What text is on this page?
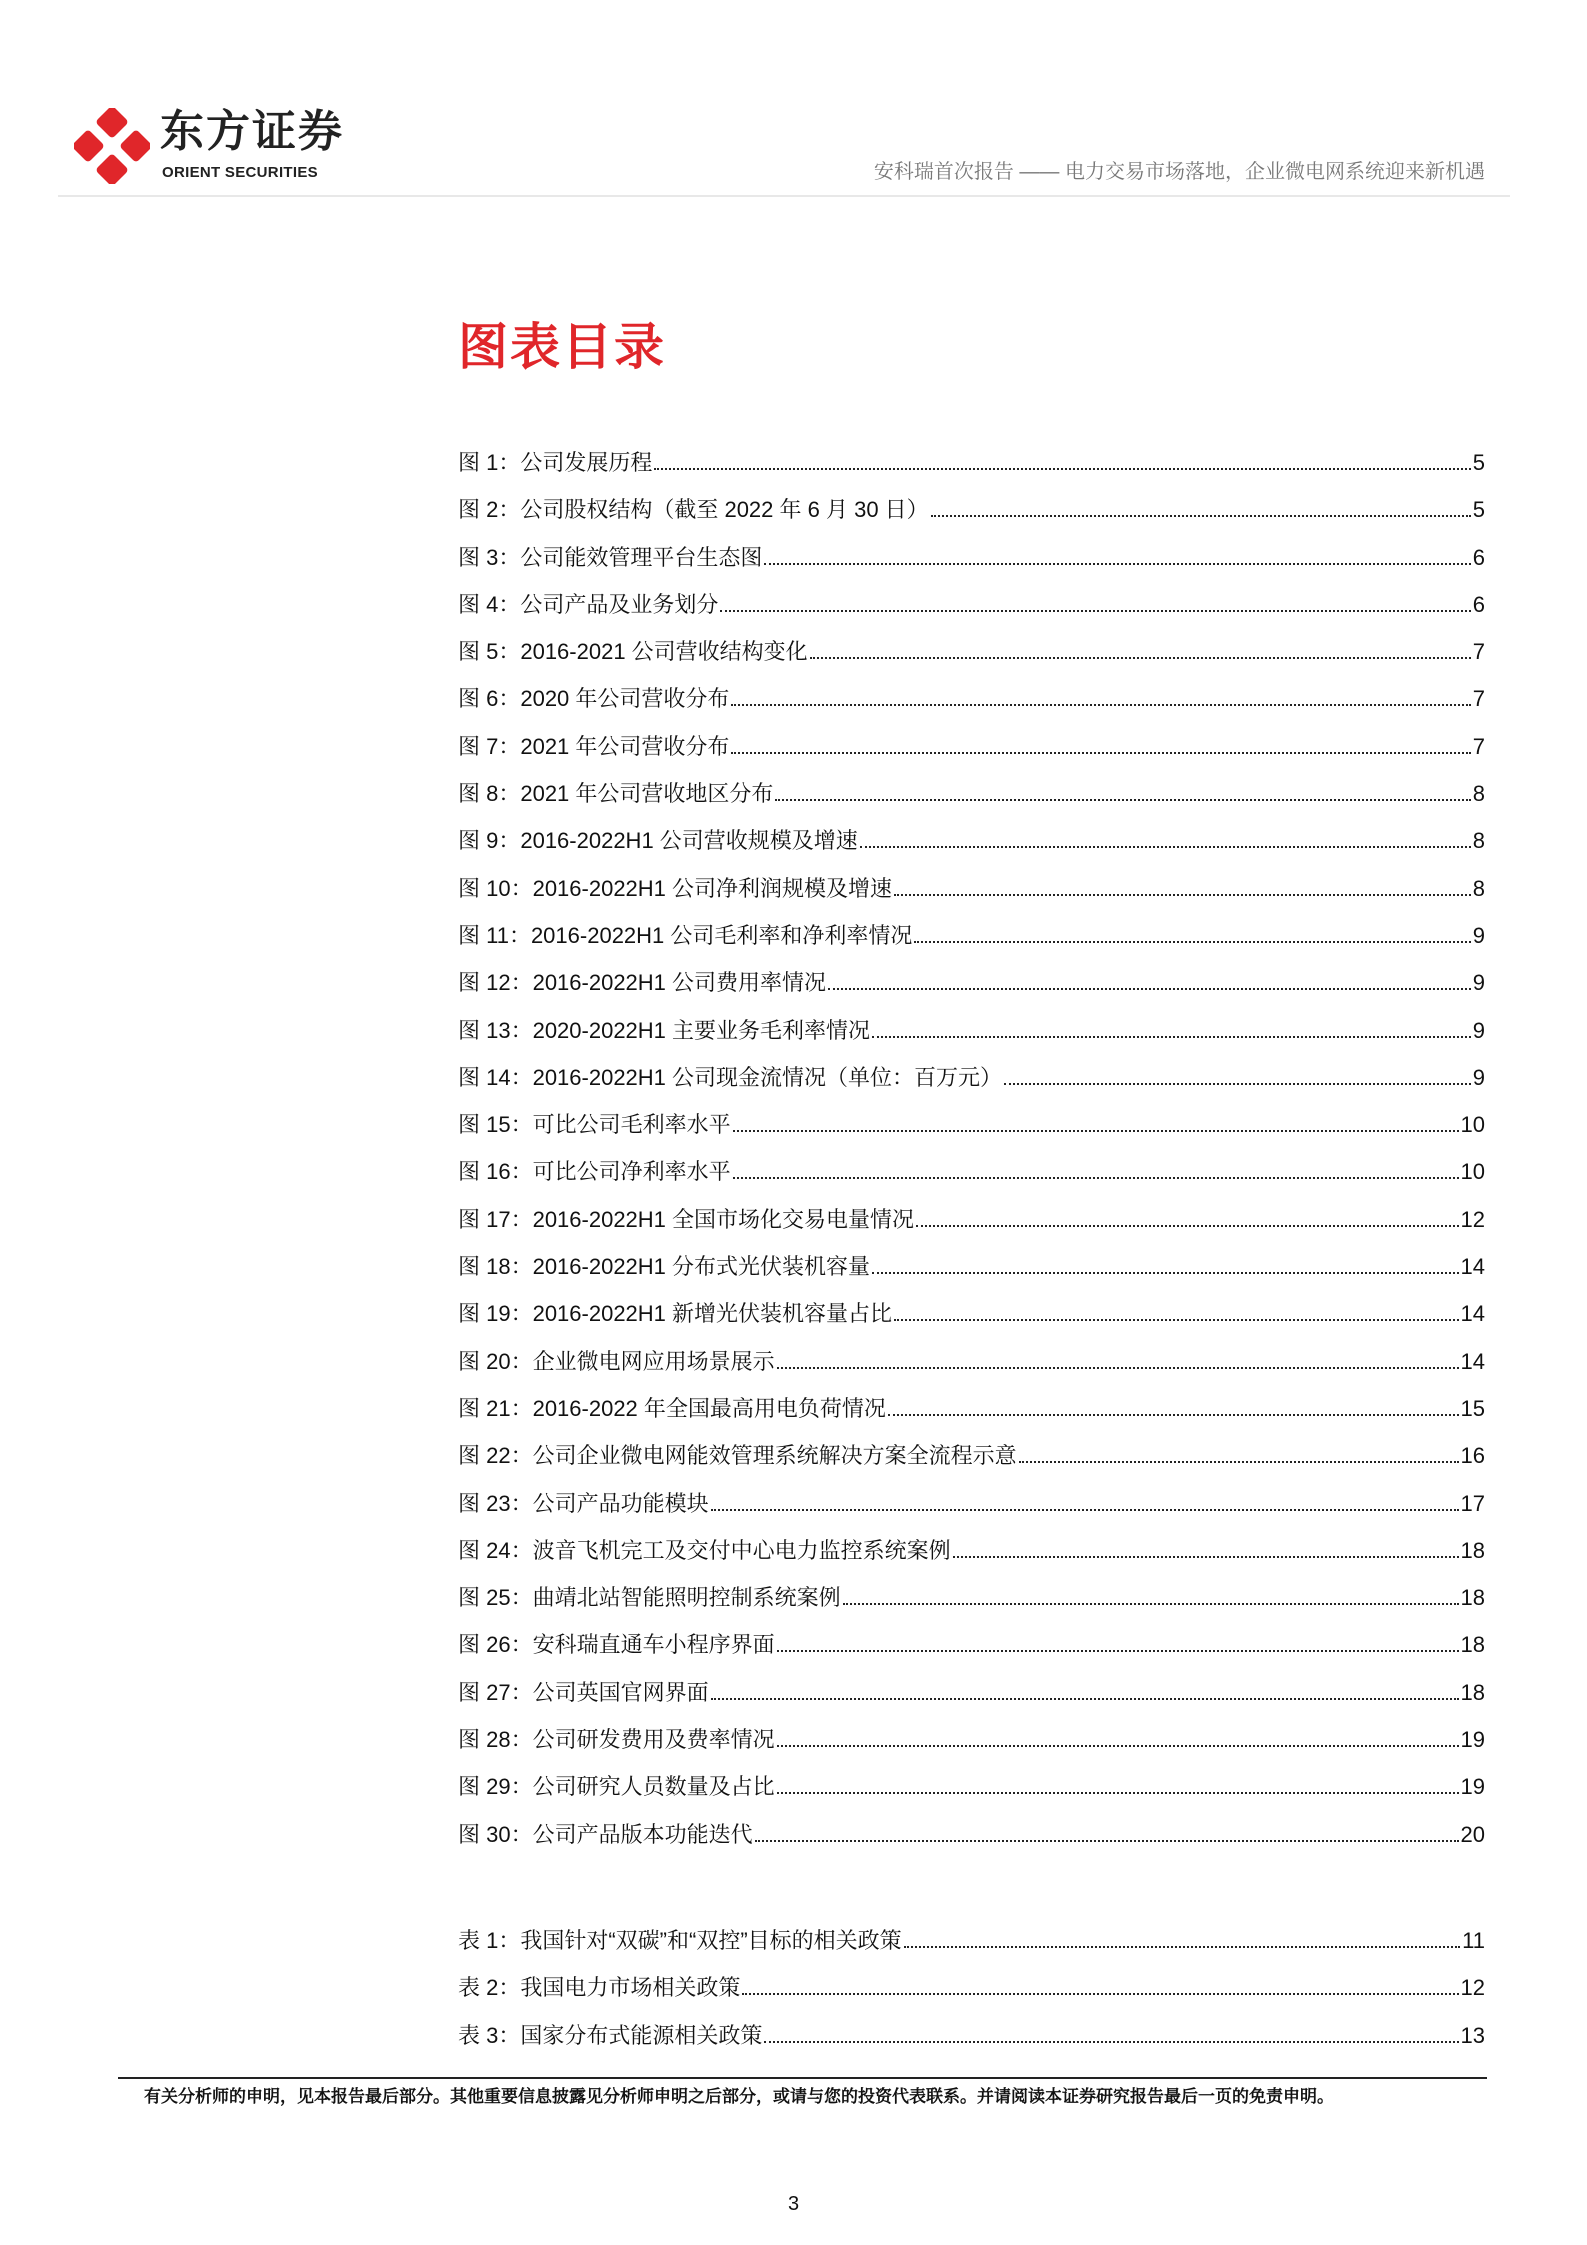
东方证券
ORIENT SECURITIES	安科瑞首次报告 —— 电力交易市场落地，企业微电网系统迎来新机遇
图表目录
图 1：公司发展历程	5
图 2：公司股权结构（截至 2022 年 6 月 30 日）	5
图 3：公司能效管理平台生态图	6
图 4：公司产品及业务划分	6
图 5：2016-2021 公司营收结构变化	7
图 6：2020 年公司营收分布	7
图 7：2021 年公司营收分布	7
图 8：2021 年公司营收地区分布	8
图 9：2016-2022H1 公司营收规模及增速	8
图 10：2016-2022H1 公司净利润规模及增速	8
图 11：2016-2022H1 公司毛利率和净利率情况	9
图 12：2016-2022H1 公司费用率情况	9
图 13：2020-2022H1 主要业务毛利率情况	9
图 14：2016-2022H1 公司现金流情况（单位：百万元）	9
图 15：可比公司毛利率水平	10
图 16：可比公司净利率水平	10
图 17：2016-2022H1 全国市场化交易电量情况	12
图 18：2016-2022H1 分布式光伏装机容量	14
图 19：2016-2022H1 新增光伏装机容量占比	14
图 20：企业微电网应用场景展示	14
图 21：2016-2022 年全国最高用电负荷情况	15
图 22：公司企业微电网能效管理系统解决方案全流程示意	16
图 23：公司产品功能模块	17
图 24：波音飞机完工及交付中心电力监控系统案例	18
图 25：曲靖北站智能照明控制系统案例	18
图 26：安科瑞直通车小程序界面	18
图 27：公司英国官网界面	18
图 28：公司研发费用及费率情况	19
图 29：公司研究人员数量及占比	19
图 30：公司产品版本功能迭代	20
表 1：我国针对“双碳”和“双控”目标的相关政策	11
表 2：我国电力市场相关政策	12
表 3：国家分布式能源相关政策	13
有关分析师的申明，见本报告最后部分。其他重要信息披露见分析师申明之后部分，或请与您的投资代表联系。并请阅读本证券研究报告最后一页的免责申明。
3
